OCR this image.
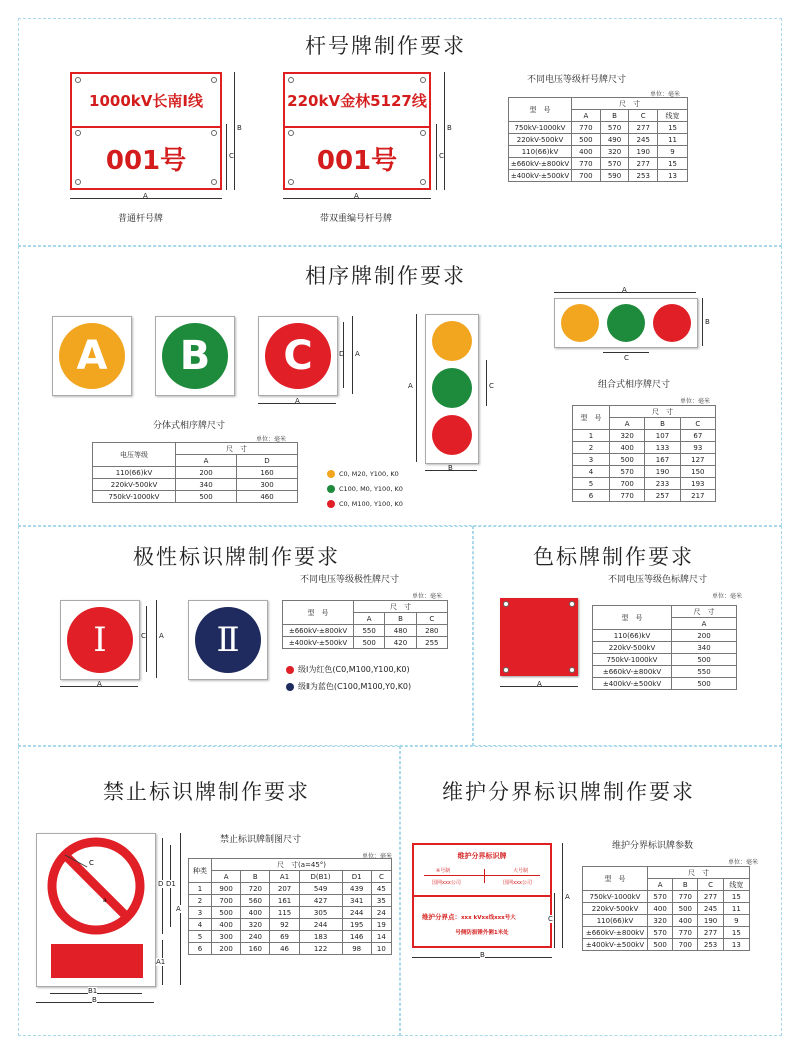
杆号牌制作要求
1000kV长南Ⅰ线
001号
B
C
A
普通杆号牌
220kV金林5127线
001号
B
C
A
带双重编号杆号牌
不同电压等级杆号牌尺寸
单位：毫米
型　号	尺　寸			
	A	B	C	线宽
750kV-1000kV	770	570	277	15
220kV-500kV	500	490	245	11
110(66)kV	400	320	190	9
±660kV-±800kV	770	570	277	15
±400kV-±500kV	700	590	253	13
相序牌制作要求
A	B	C	D A
A
分体式相序牌尺寸
单位：毫米
电压等级	尺　寸	
	A	D
110(66)kV	200	160
220kV-500kV	340	300
750kV-1000kV	500	460
A	C
B
C0, M20, Y100, K0
C100, M0, Y100, K0
C0, M100, Y100, K0
A
B
C
组合式相序牌尺寸
单位：毫米
型　号	尺　寸		
	A	B	C
1	320	107	67
2	400	133	93
3	500	167	127
4	570	190	150
5	700	233	193
6	770	257	217
极性标识牌制作要求
不同电压等级极性牌尺寸
单位：毫米
Ⅰ	C A
A
Ⅱ
型　号	尺　寸		
	A	B	C
±660kV-±800kV	550	480	280
±400kV-±500kV	500	420	255
级Ⅰ为红色(C0,M100,Y100,K0)
级Ⅱ为蓝色(C100,M100,Y0,K0)
色标牌制作要求
不同电压等级色标牌尺寸
单位：毫米
A
型　号	尺　寸
	A
110(66)kV	200
220kV-500kV	340
750kV-1000kV	500
±660kV-±800kV	550
±400kV-±500kV	500
禁止标识牌制作要求
C
a
D D1
A
A1
B1
B
禁止标识牌制图尺寸
单位：毫米
种类	尺　寸(a=45°)					
	A	B	A1	D(B1)	D1	C
1	900	720	207	549	439	45
2	700	560	161	427	341	35
3	500	400	115	305	244	24
4	400	320	92	244	195	19
5	300	240	69	183	146	14
6	200	160	46	122	98	10
维护分界标识牌制作要求
维护分界标识牌
※号制	大号制
国网xxx公司	国网xxx公司
维护分界点：xxx kVxx线xxx号大
号侧防振锤外侧1米处
A
C
B
维护分界标识牌参数
单位：毫米
型　号	尺　寸			
	A	B	C	线宽
750kV-1000kV	570	770	277	15
220kV-500kV	400	500	245	11
110(66)kV	320	400	190	9
±660kV-±800kV	570	770	277	15
±400kV-±500kV	500	700	253	13
